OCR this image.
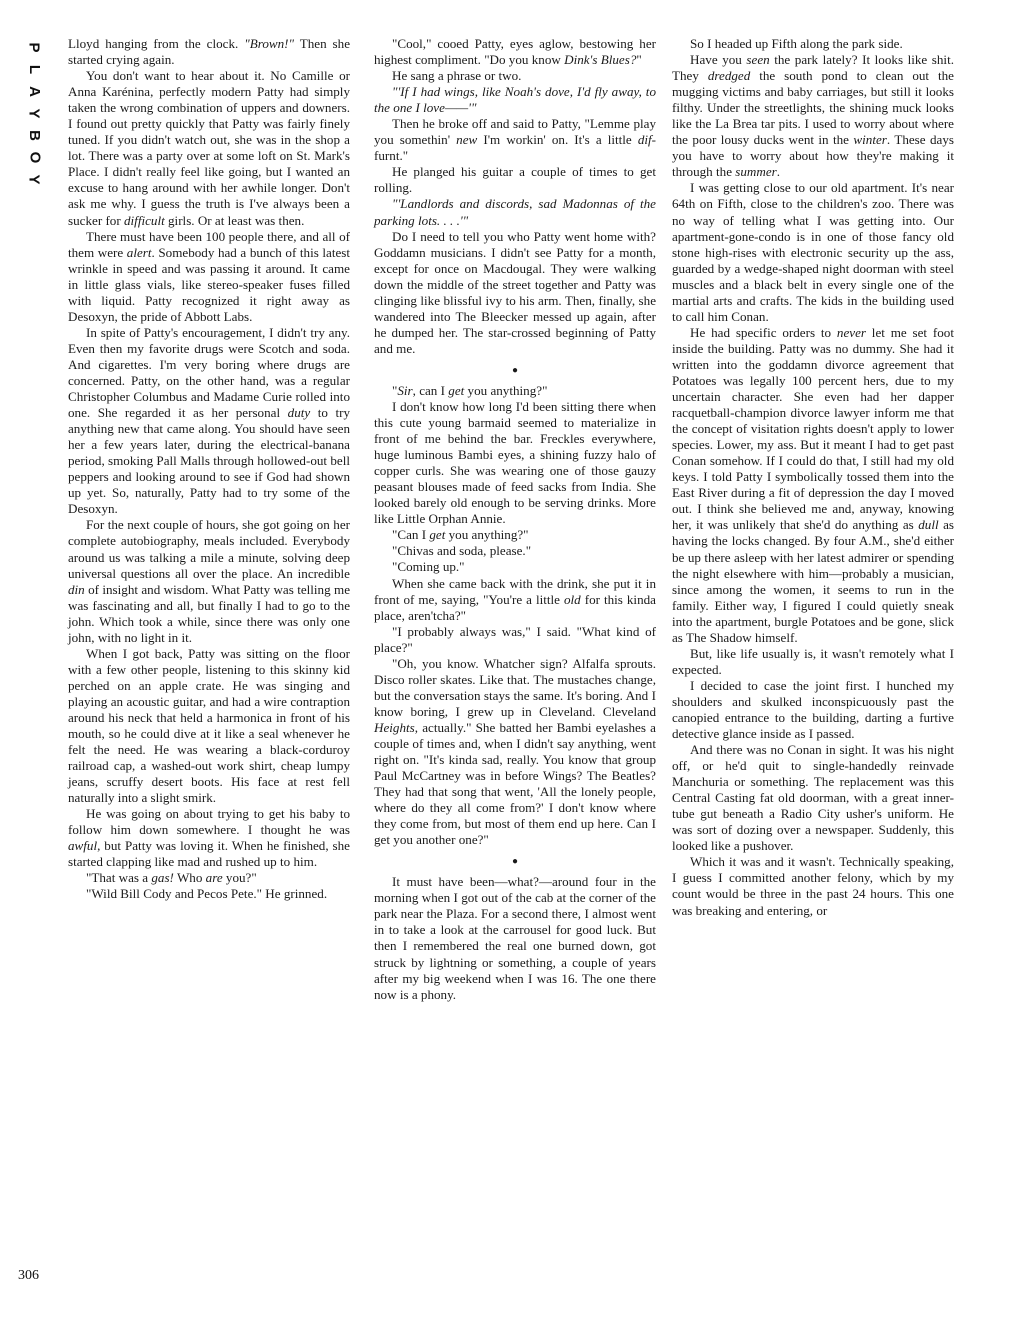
P
L
A
Y
B
O
Y

Lloyd hanging from the clock. "Brown!" Then she started crying again.

You don't want to hear about it. No Camille or Anna Karénina, perfectly modern Patty had simply taken the wrong combination of uppers and downers. I found out pretty quickly that Patty was fairly finely tuned. If you didn't watch out, she was in the shop a lot. There was a party over at some loft on St. Mark's Place. I didn't really feel like going, but I wanted an excuse to hang around with her awhile longer. Don't ask me why. I guess the truth is I've always been a sucker for difficult girls. Or at least was then.

There must have been 100 people there, and all of them were alert. Somebody had a bunch of this latest wrinkle in speed and was passing it around. It came in little glass vials, like stereo-speaker fuses filled with liquid. Patty recognized it right away as Desoxyn, the pride of Abbott Labs.

In spite of Patty's encouragement, I didn't try any. Even then my favorite drugs were Scotch and soda. And cigarettes. I'm very boring where drugs are concerned. Patty, on the other hand, was a regular Christopher Columbus and Madame Curie rolled into one. She regarded it as her personal duty to try anything new that came along. You should have seen her a few years later, during the electrical-banana period, smoking Pall Malls through hollowed-out bell peppers and looking around to see if God had shown up yet. So, naturally, Patty had to try some of the Desoxyn.

For the next couple of hours, she got going on her complete autobiography, meals included. Everybody around us was talking a mile a minute, solving deep universal questions all over the place. An incredible din of insight and wisdom. What Patty was telling me was fascinating and all, but finally I had to go to the john. Which took a while, since there was only one john, with no light in it.

When I got back, Patty was sitting on the floor with a few other people, listening to this skinny kid perched on an apple crate. He was singing and playing an acoustic guitar, and had a wire contraption around his neck that held a harmonica in front of his mouth, so he could dive at it like a seal whenever he felt the need. He was wearing a black-corduroy railroad cap, a washed-out work shirt, cheap lumpy jeans, scruffy desert boots. His face at rest fell naturally into a slight smirk.

He was going on about trying to get his baby to follow him down somewhere. I thought he was awful, but Patty was loving it. When he finished, she started clapping like mad and rushed up to him.

"That was a gas! Who are you?"

"Wild Bill Cody and Pecos Pete." He grinned.

"Cool," cooed Patty, eyes aglow, bestowing her highest compliment. "Do you know Dink's Blues?"

He sang a phrase or two.

"'If I had wings, like Noah's dove, I'd fly away, to the one I love——'"

Then he broke off and said to Patty, "Lemme play you somethin' new I'm workin' on. It's a little dif-furnt."

He planged his guitar a couple of times to get rolling.

"'Landlords and discords, sad Madonnas of the parking lots. . . .'"

Do I need to tell you who Patty went home with? Goddamn musicians. I didn't see Patty for a month, except for once on Macdougal. They were walking down the middle of the street together and Patty was clinging like blissful ivy to his arm. Then, finally, she wandered into The Bleecker messed up again, after he dumped her. The star-crossed beginning of Patty and me.

●

"Sir, can I get you anything?"

I don't know how long I'd been sitting there when this cute young barmaid seemed to materialize in front of me behind the bar. Freckles everywhere, huge luminous Bambi eyes, a shining fuzzy halo of copper curls. She was wearing one of those gauzy peasant blouses made of feed sacks from India. She looked barely old enough to be serving drinks. More like Little Orphan Annie.

"Can I get you anything?"

"Chivas and soda, please."

"Coming up."

When she came back with the drink, she put it in front of me, saying, "You're a little old for this kinda place, aren'tcha?"

"I probably always was," I said. "What kind of place?"

"Oh, you know. Whatcher sign? Alfalfa sprouts. Disco roller skates. Like that. The mustaches change, but the conversation stays the same. It's boring. And I know boring, I grew up in Cleveland. Cleveland Heights, actually." She batted her Bambi eyelashes a couple of times and, when I didn't say anything, went right on. "It's kinda sad, really. You know that group Paul McCartney was in before Wings? The Beatles? They had that song that went, 'All the lonely people, where do they all come from?' I don't know where they come from, but most of them end up here. Can I get you another one?"

●

It must have been—what?—around four in the morning when I got out of the cab at the corner of the park near the Plaza. For a second there, I almost went in to take a look at the carrousel for good luck. But then I remembered the real one burned down, got struck by lightning or something, a couple of years after my big weekend when I was 16. The one there now is a phony.

So I headed up Fifth along the park side.

Have you seen the park lately? It looks like shit. They dredged the south pond to clean out the mugging victims and baby carriages, but still it looks filthy. Under the streetlights, the shining muck looks like the La Brea tar pits. I used to worry about where the poor lousy ducks went in the winter. These days you have to worry about how they're making it through the summer.

I was getting close to our old apartment. It's near 64th on Fifth, close to the children's zoo. There was no way of telling what I was getting into. Our apartment-gone-condo is in one of those fancy old stone high-rises with electronic security up the ass, guarded by a wedge-shaped night doorman with steel muscles and a black belt in every single one of the martial arts and crafts. The kids in the building used to call him Conan.

He had specific orders to never let me set foot inside the building. Patty was no dummy. She had it written into the goddamn divorce agreement that Potatoes was legally 100 percent hers, due to my uncertain character. She even had her dapper racquetball-champion divorce lawyer inform me that the concept of visitation rights doesn't apply to lower species. Lower, my ass. But it meant I had to get past Conan somehow. If I could do that, I still had my old keys. I told Patty I symbolically tossed them into the East River during a fit of depression the day I moved out. I think she believed me and, anyway, knowing her, it was unlikely that she'd do anything as dull as having the locks changed. By four A.M., she'd either be up there asleep with her latest admirer or spending the night elsewhere with him—probably a musician, since among the women, it seems to run in the family. Either way, I figured I could quietly sneak into the apartment, burgle Potatoes and be gone, slick as The Shadow himself.

But, like life usually is, it wasn't remotely what I expected.

I decided to case the joint first. I hunched my shoulders and skulked inconspicuously past the canopied entrance to the building, darting a furtive detective glance inside as I passed.

And there was no Conan in sight. It was his night off, or he'd quit to single-handedly reinvade Manchuria or something. The replacement was this Central Casting fat old doorman, with a great inner-tube gut beneath a Radio City usher's uniform. He was sort of dozing over a newspaper. Suddenly, this looked like a pushover.

Which it was and it wasn't. Technically speaking, I guess I committed another felony, which by my count would be three in the past 24 hours. This one was breaking and entering, or

306
